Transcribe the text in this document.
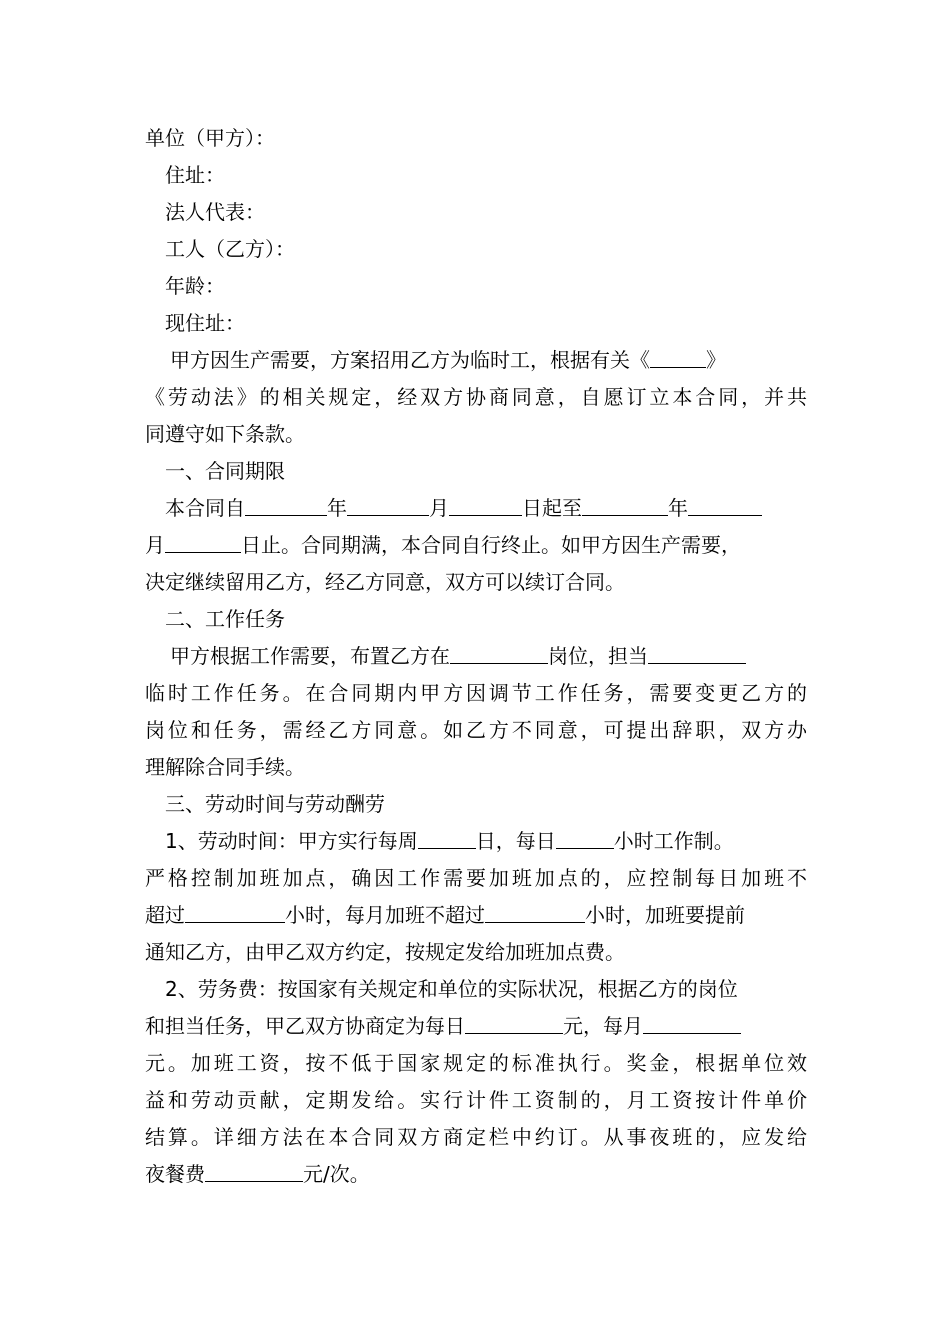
单位（甲方）：
住址：
法人代表：
工人（乙方）：
年龄：
现住址：
甲方因生产需要，方案招用乙方为临时工，根据有关《	》
《劳动法》的相关规定，经双方协商同意，自愿订立本合同，并共
同遵守如下条款。
一、合同期限
本合同自	年	月	日起至	年
月	日止。合同期满，本合同自行终止。如甲方因生产需要，
决定继续留用乙方，经乙方同意，双方可以续订合同。
二、工作任务
甲方根据工作需要，布置乙方在	岗位，担当
临时工作任务。在合同期内甲方因调节工作任务，需要变更乙方的
岗位和任务，需经乙方同意。如乙方不同意，可提出辞职，双方办
理解除合同手续。
三、劳动时间与劳动酬劳
1、劳动时间：甲方实行每周	日，每日	小时工作制。
严格控制加班加点，确因工作需要加班加点的，应控制每日加班不
超过	小时，每月加班不超过	小时，加班要提前
通知乙方，由甲乙双方约定，按规定发给加班加点费。
2、劳务费：按国家有关规定和单位的实际状况，根据乙方的岗位
和担当任务，甲乙双方协商定为每日	元，每月
元。加班工资，按不低于国家规定的标准执行。奖金，根据单位效
益和劳动贡献，定期发给。实行计件工资制的，月工资按计件单价
结算。详细方法在本合同双方商定栏中约订。从事夜班的，应发给
夜餐费	元/次。
